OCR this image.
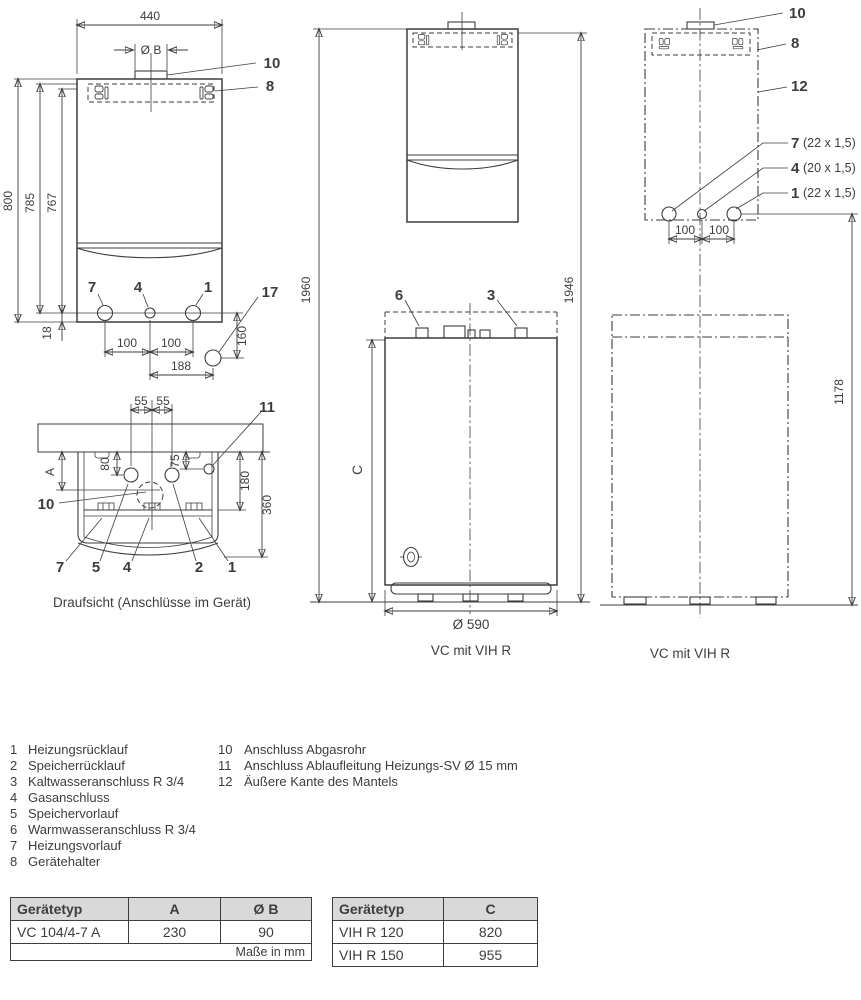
440
Ø B
800 785 767
18
100 100
188
160
7	4	1	17
10
8
55 55
A
80	75
180
360
11
10
7 5 4	2 1
Draufsicht (Anschlüsse im Gerät)
1960	1946
C
Ø 590
6	3
VC mit VIH R
10
8
12
7 (22 x 1,5)
4 (20 x 1,5)
1 (22 x 1,5)
100 100
1178
VC mit VIH R
1 Heizungsrücklauf
2 Speicherrücklauf
3 Kaltwasseranschluss R 3/4
4 Gasanschluss
5 Speichervorlauf
6 Warmwasseranschluss R 3/4
7 Heizungsvorlauf
8 Gerätehalter
10 Anschluss Abgasrohr
11 Anschluss Ablaufleitung Heizungs-SV Ø 15 mm
12 Äußere Kante des Mantels
Gerätetyp	A	Ø B
VC 104/4-7 A	230	90
Maße in mm		
Gerätetyp	C
VIH R 120	820
VIH R 150	955
